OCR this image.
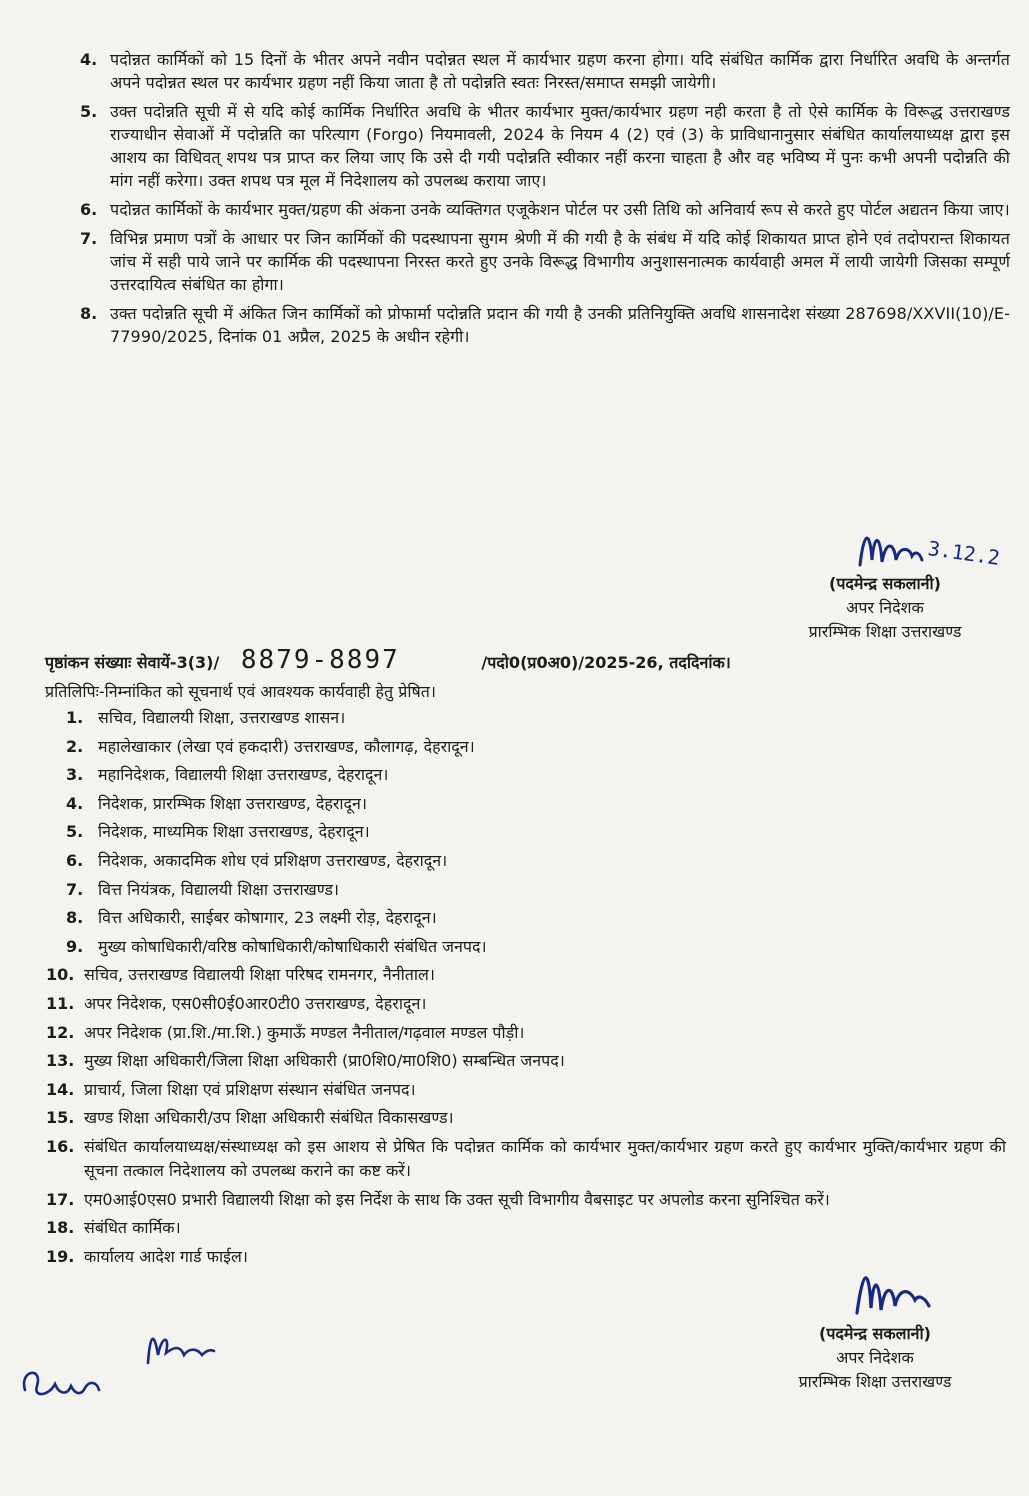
4. पदोन्नत कार्मिकों को 15 दिनों के भीतर अपने नवीन पदोन्नत स्थल में कार्यभार ग्रहण करना होगा। यदि संबंधित कार्मिक द्वारा निर्धारित अवधि के अन्तर्गत अपने पदोन्नत स्थल पर कार्यभार ग्रहण नहीं किया जाता है तो पदोन्नति स्वतः निरस्त/समाप्त समझी जायेगी।
5. उक्त पदोन्नति सूची में से यदि कोई कार्मिक निर्धारित अवधि के भीतर कार्यभार मुक्त/कार्यभार ग्रहण नही करता है तो ऐसे कार्मिक के विरूद्ध उत्तराखण्ड राज्याधीन सेवाओं में पदोन्नति का परित्याग (Forgo) नियमावली, 2024 के नियम 4 (2) एवं (3) के प्राविधानानुसार संबंधित कार्यालयाध्यक्ष द्वारा इस आशय का विधिवत् शपथ पत्र प्राप्त कर लिया जाए कि उसे दी गयी पदोन्नति स्वीकार नहीं करना चाहता है और वह भविष्य में पुनः कभी अपनी पदोन्नति की मांग नहीं करेगा। उक्त शपथ पत्र मूल में निदेशालय को उपलब्ध कराया जाए।
6. पदोन्नत कार्मिकों के कार्यभार मुक्त/ग्रहण की अंकना उनके व्यक्तिगत एजूकेशन पोर्टल पर उसी तिथि को अनिवार्य रूप से करते हुए पोर्टल अद्यतन किया जाए।
7. विभिन्न प्रमाण पत्रों के आधार पर जिन कार्मिकों की पदस्थापना सुगम श्रेणी में की गयी है के संबंध में यदि कोई शिकायत प्राप्त होने एवं तदोपरान्त शिकायत जांच में सही पाये जाने पर कार्मिक की पदस्थापना निरस्त करते हुए उनके विरूद्ध विभागीय अनुशासनात्मक कार्यवाही अमल में लायी जायेगी जिसका सम्पूर्ण उत्तरदायित्व संबंधित का होगा।
8. उक्त पदोन्नति सूची में अंकित जिन कार्मिकों को प्रोफार्मा पदोन्नति प्रदान की गयी है उनकी प्रतिनियुक्ति अवधि शासनादेश संख्या 287698/XXVII(10)/E-77990/2025, दिनांक 01 अप्रैल, 2025 के अधीन रहेगी।
3.12.2
(पदमेन्द्र सकलानी)
अपर निदेशक
प्रारम्भिक शिक्षा उत्तराखण्ड
पृष्ठांकन संख्याः सेवायें-3(3)/ 8879-8897	/पदो0(प्र0अ0)/2025-26, तददिनांक।
प्रतिलिपिः-निम्नांकित को सूचनार्थ एवं आवश्यक कार्यवाही हेतु प्रेषित।
1. सचिव, विद्यालयी शिक्षा, उत्तराखण्ड शासन।
2. महालेखाकार (लेखा एवं हकदारी) उत्तराखण्ड, कौलागढ़, देहरादून।
3. महानिदेशक, विद्यालयी शिक्षा उत्तराखण्ड, देहरादून।
4. निदेशक, प्रारम्भिक शिक्षा उत्तराखण्ड, देहरादून।
5. निदेशक, माध्यमिक शिक्षा उत्तराखण्ड, देहरादून।
6. निदेशक, अकादमिक शोध एवं प्रशिक्षण उत्तराखण्ड, देहरादून।
7. वित्त नियंत्रक, विद्यालयी शिक्षा उत्तराखण्ड।
8. वित्त अधिकारी, साईबर कोषागार, 23 लक्ष्मी रोड़, देहरादून।
9. मुख्य कोषाधिकारी/वरिष्ठ कोषाधिकारी/कोषाधिकारी संबंधित जनपद।
10. सचिव, उत्तराखण्ड विद्यालयी शिक्षा परिषद रामनगर, नैनीताल।
11. अपर निदेशक, एस0सी0ई0आर0टी0 उत्तराखण्ड, देहरादून।
12. अपर निदेशक (प्रा.शि./मा.शि.) कुमाऊँ मण्डल नैनीताल/गढ़वाल मण्डल पौड़ी।
13. मुख्य शिक्षा अधिकारी/जिला शिक्षा अधिकारी (प्रा0शि0/मा0शि0) सम्बन्धित जनपद।
14. प्राचार्य, जिला शिक्षा एवं प्रशिक्षण संस्थान संबंधित जनपद।
15. खण्ड शिक्षा अधिकारी/उप शिक्षा अधिकारी संबंधित विकासखण्ड।
16. संबंधित कार्यालयाध्यक्ष/संस्थाध्यक्ष को इस आशय से प्रेषित कि पदोन्नत कार्मिक को कार्यभार मुक्त/कार्यभार ग्रहण करते हुए कार्यभार मुक्ति/कार्यभार ग्रहण की सूचना तत्काल निदेशालय को उपलब्ध कराने का कष्ट करें।
17. एम0आई0एस0 प्रभारी विद्यालयी शिक्षा को इस निर्देश के साथ कि उक्त सूची विभागीय वैबसाइट पर अपलोड करना सुनिश्चित करें।
18. संबंधित कार्मिक।
19. कार्यालय आदेश गार्ड फाईल।
(पदमेन्द्र सकलानी)
अपर निदेशक
प्रारम्भिक शिक्षा उत्तराखण्ड
